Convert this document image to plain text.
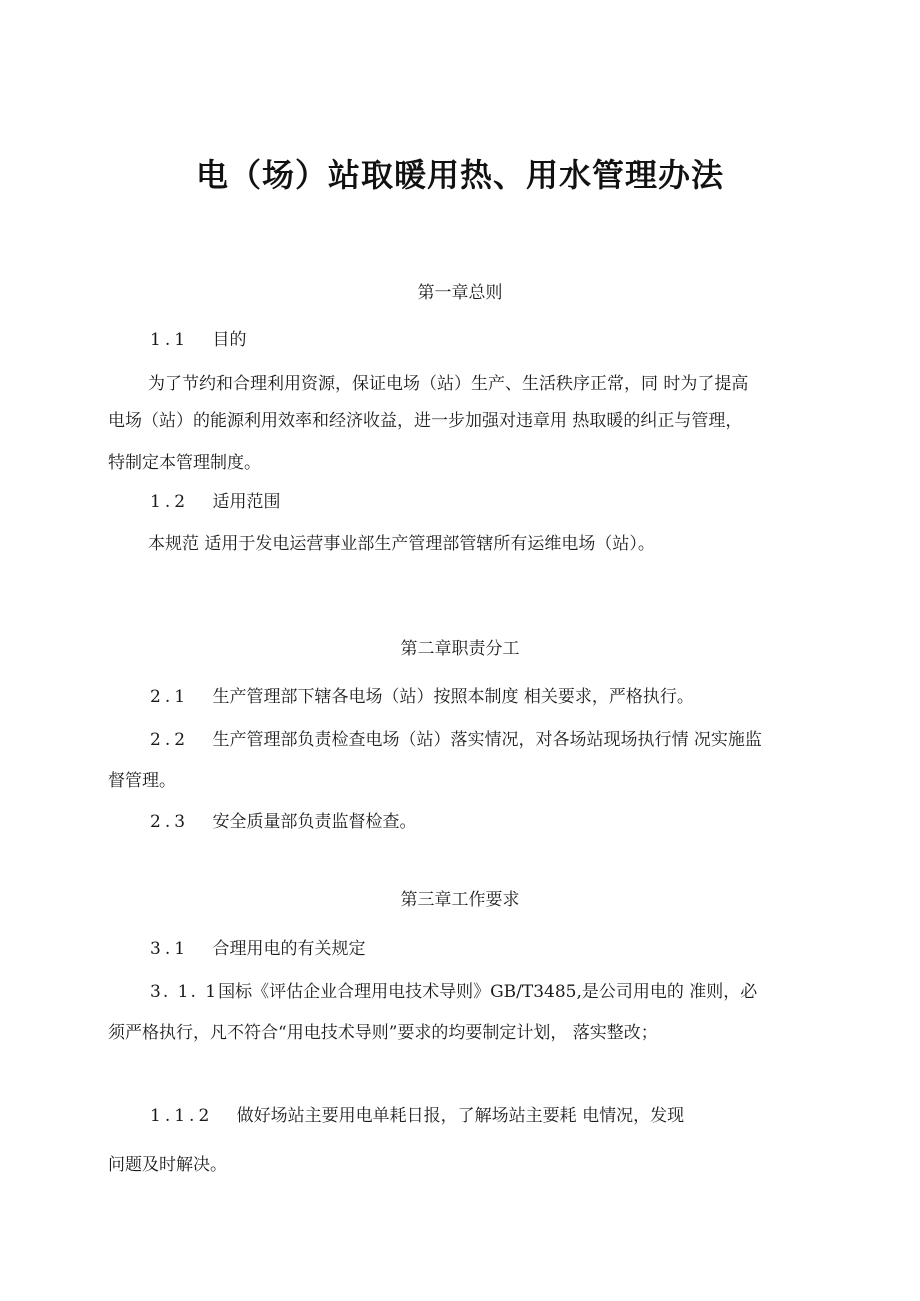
电（场）站取暖用热、用水管理办法
第一章总则
1.1 目的
为了节约和合理利用资源，保证电场（站）生产、生活秩序正常，同 时为了提高
电场（站）的能源利用效率和经济收益，进一步加强对违章用 热取暖的纠正与管理，
特制定本管理制度。
1.2 适用范围
本规范 适用于发电运营事业部生产管理部管辖所有运维电场（站）。
第二章职责分工
2.1 生产管理部下辖各电场（站）按照本制度 相关要求，严格执行。
2.2 生产管理部负责检查电场（站）落实情况，对各场站现场执行情 况实施监
督管理。
2.3 安全质量部负责监督检查。
第三章工作要求
3.1 合理用电的有关规定
3. 1. 1国标《评估企业合理用电技术导则》GB/T3485,是公司用电的 准则，必
须严格执行，凡不符合“用电技术导则”要求的均要制定计划， 落实整改；
1.1.2 做好场站主要用电单耗日报，了解场站主要耗 电情况，发现
问题及时解决。
